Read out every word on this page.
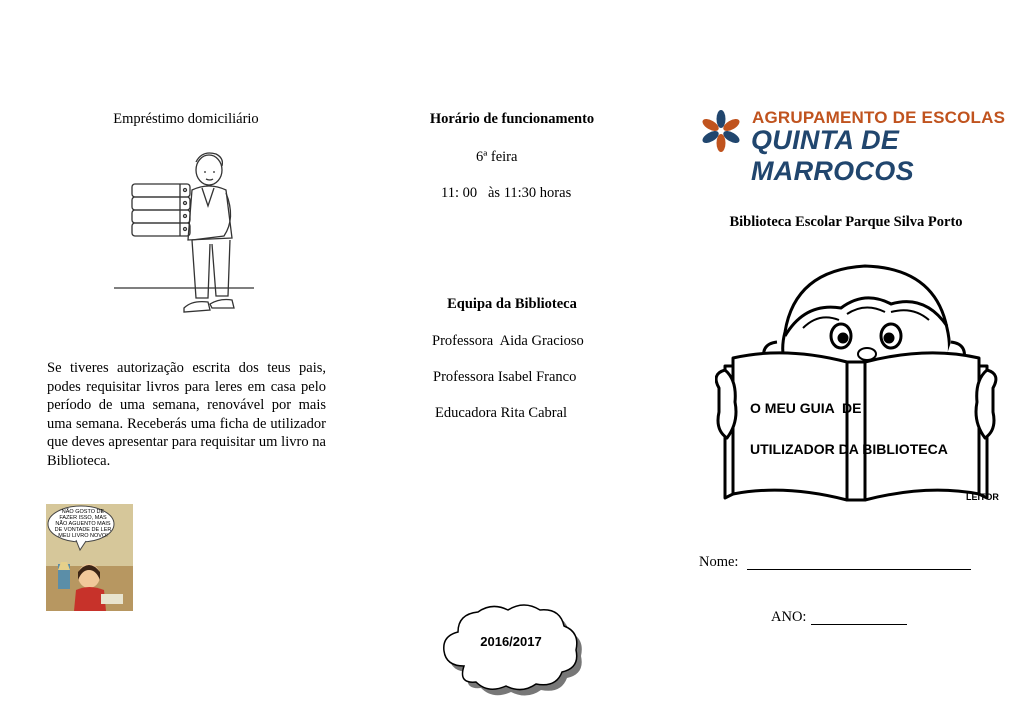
Empréstimo domiciliário
Se tiveres autorização escrita dos teus pais, podes requisitar livros para leres em casa pelo período de uma semana, renovável por mais uma semana. Receberás uma ficha de utilizador que deves apresentar para requisitar um livro na Biblioteca.
NÃO GOSTO DE FAZER ISSO, MAS NÃO AGUENTO MAIS DE VONTADE DE LER MEU LIVRO NOVO!
Horário de funcionamento
6ª feira
11: 00   às 11:30 horas
Equipa da Biblioteca
Professora  Aida Gracioso
Professora Isabel Franco
Educadora Rita Cabral
2016/2017
AGRUPAMENTO DE ESCOLAS
QUINTA DE MARROCOS
Biblioteca Escolar Parque Silva Porto
O MEU GUIA  DE
UTILIZADOR DA BIBLIOTECA
LEITOR
Nome:
ANO:
